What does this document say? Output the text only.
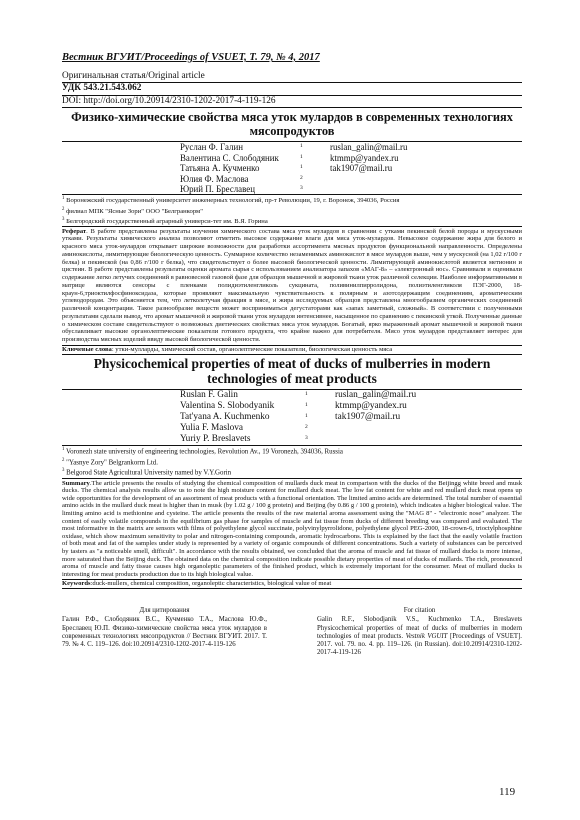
Вестник ВГУИТ/Proceedings of VSUET, Т. 79, № 4, 2017
Оригинальная статья/Original article
УДК 543.21.543.062
DOI: http://doi.org/10.20914/2310-1202-2017-4-119-126
Физико-химические свойства мяса уток мулардов в современных технологиях мясопродуктов
Руслан Ф. Галин	1	ruslan_galin@mail.ru
Валентина С. Слободяник	1	ktmmp@yandex.ru
Татьяна А. Кучменко	1	tak1907@mail.ru
Юлия Ф. Маслова	2
Юрий П. Бреславец	3
$^1$ Воронежский государственный университет инженерных технологий, пр-т Революции, 19, г. Воронеж, 394036, Россия
$^2$ филиал МПК "Ясные Зори" ООО "Белгранкорм"
$^3$ Белгородский государственный аграрный универси-тет им. В.Я. Горина
Реферат. В работе представлены результаты изучения химического состава мяса уток мулардов в сравнении с утками пекинской белой породы и мускусными утками. Результаты химического анализа позволяют отметить высокое содержание влаги для мяса уток-мулардов. Невысокое содержание жира для белого и красного мяса уток-мулардов открывает широкие возможности для разработки ассортимента мясных продуктов функциональной направленности. Определены аминокислоты, лимитирующие биологическую ценность. Суммарное количество незаменимых аминокислот в мясе мулардов выше, чем у мускусной (на 1,02 г/100 г белка) и пекинской (на 0,86 г/100 г белка), что свидетельствует о более высокой биологической ценности. Лимитирующей аминокислотой является метионин и цистеин. В работе представлены результаты оценки аромата сырья с использованием анализатора запахов «МАГ-8» – «электронный нос». Сравнивали и оценивали содержание легко летучих соединений в равновесной газовой фазе для образцов мышечной и жировой ткани уток различной селекции. Наиболее информативными в матрице являются сенсоры с пленками полидиэтиленгликоль сукцината, поливинилпирролидона, полиэтиленгликоля ПЭГ-2000, 18-краун-6,триоктилфосфиноксидаза, которые проявляют максимальную чувствительность к полярным и азотсодержащим соединениям, ароматическим углеводородам. Это объясняется тем, что летколетучая фракция в мясе, и жира исследуемых образцов представлена многообразием органических соединений различной концентрации. Такое разнообразие веществ может восприниматься дегустаторами как «запах заметный, сложный». В соответствии с полученными результатами сделали вывод, что аромат мышечной и жировой ткани уток мулардов интенсивнее, насыщенное по сравнению с пекинской уткой. Полученные данные о химическом составе свидетельствуют о возможных диетических свойствах мяса уток мулардов. Богатый, ярко выраженный аромат мышечной и жировой ткани обуславливает высокие органолептические показатели готового продукта, что крайне важно для потребителя. Мясо уток мулардов представляет интерес для производства мясных изделий ввиду высокой биологической ценности.
Ключевые слова: утки-мулларды, химический состав, органолептические показатели, биологическая ценность мяса
Physicochemical properties of meat of ducks of mulberries in modern technologies of meat products
Ruslan F. Galin	1	ruslan_galin@mail.ru
Valentina S. Slobodyanik	1	ktmmp@yandex.ru
Tat'yana A. Kuchmenko	1	tak1907@mail.ru
Yulia F. Maslova	2
Yuriy P. Breslavets	3
$^1$ Voronezh state university of engineering technologies, Revolution Av., 19 Voronezh, 394036, Russia
$^2$ "Yasnye Zory" Belgrankorm Ltd.
$^3$ Belgorod State Agricultural University named by V.Y.Gorin
Summary.The article presents the results of studying the chemical composition of mullards duck meat in comparison with the ducks of the Beijingg white breed and musk ducks. The chemical analysis results allow us to note the high moisture content for mullard duck meat. The low fat content for white and red mullard duck meat opens up wide opportunities for the development of an assortment of meat products with a functional orientation. The limited amino acids are determined. The total number of essential amino acids in the mullard duck meat is higher than in musk (by 1.02 g / 100 g protein) and Beijing (by 0.86 g / 100 g protein), which indicates a higher biological value. The limiting amino acid is methionine and cysteine. The article presents the results of the raw material aroma assessment using the "MAG 8" - "electronic nose" analyzer. The content of easily volatile compounds in the equilibrium gas phase for samples of muscle and fat tissue from ducks of different breeding was compared and evaluated. The most informative in the matrix are sensors with films of polyethylene glycol succinate, polyvinylpyrrolidone, polyethylene glycol PEG-2000, 18-crown-6, trioctylphosphine oxidase, which show maximum sensitivity to polar and nitrogen-containing compounds, aromatic hydrocarbons. This is explained by the fact that the easily volatile fraction of both meat and fat of the samples under study is represented by a variety of organic compounds of different concentrations. Such a variety of substances can be perceived by tasters as "a noticeable smell, difficult". In accordance with the results obtained, we concluded that the aroma of muscle and fat tissue of mullard ducks is more intense, more saturated than the Beijing duck. The obtained data on the chemical composition indicate possible dietary properties of meat of ducks of mullards. The rich, pronounced aroma of muscle and fatty tissue causes high organoleptic parameters of the finished product, which is extremely important for the consumer. Meat of mullard ducks is interesting for meat products production due to its high biological value.
Keywords:duck-mullers, chemical composition, organoleptic characteristics, biological value of meat
Для цитирования
Галин Р.Ф., Слободяник В.С., Кучменко Т.А., Маслова Ю.Ф., Бреславец Ю.П. Физико-химические свойства мяса уток мулардов в современных технологиях мясопродуктов // Вестник ВГУИТ. 2017. Т. 79. № 4. С. 119–126. doi:10.20914/2310-1202-2017-4-119-126
For citation
Galin R.F., Slobodjanik V.S., Kuchmenko T.A., Breslavets Physicochemical properties of meat of ducks of mulberries in modern technologies of meat products. Vestnik VGUIT [Proceedings of VSUET]. 2017. vol. 79. no. 4. pp. 119–126. (in Russian). doi:10.20914/2310-1202-2017-4-119-126
119
